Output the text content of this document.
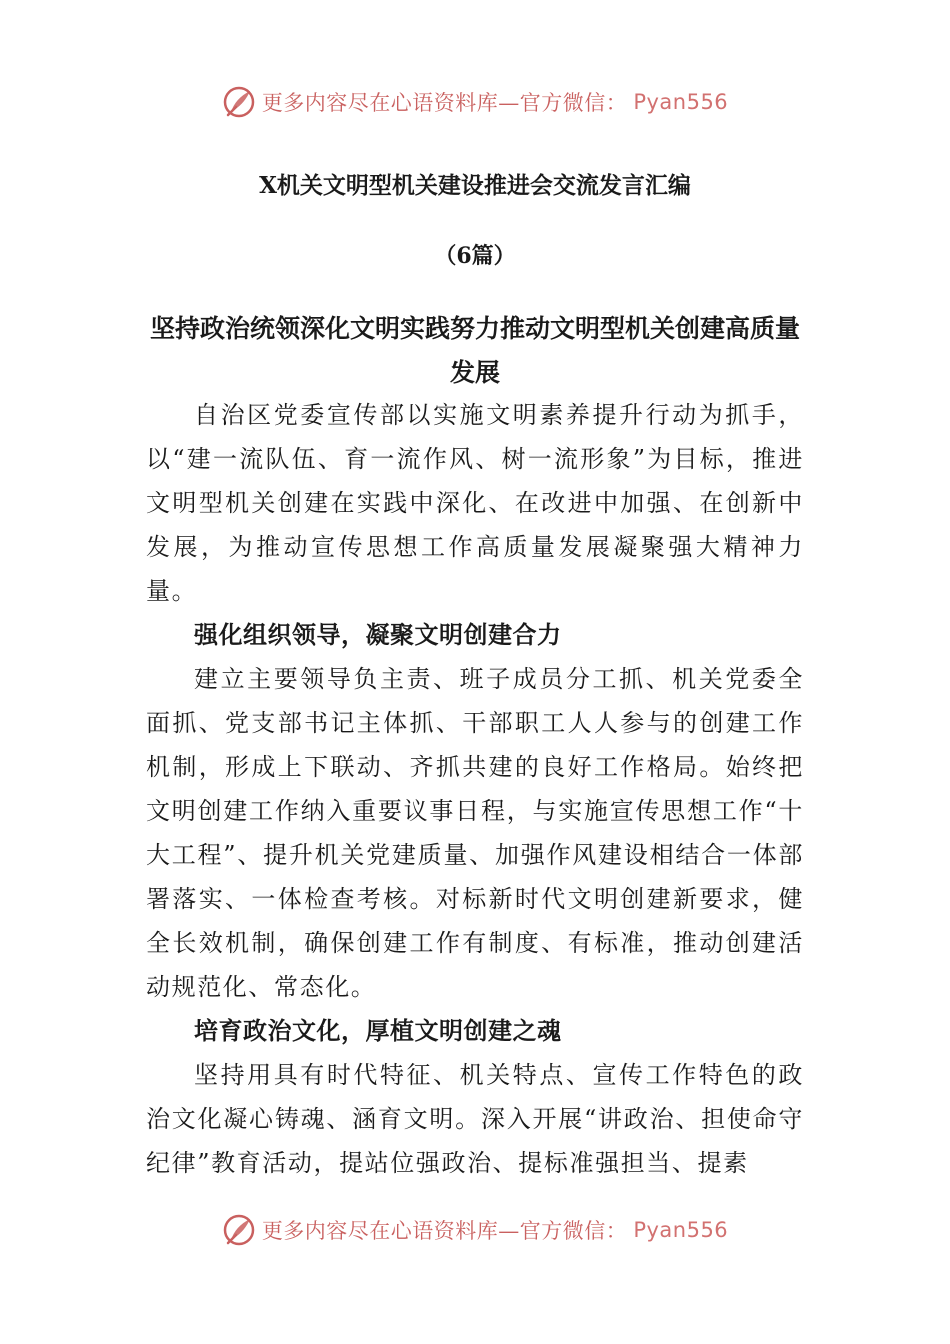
更多内容尽在心语资料库—官方微信： Pyan556
X机关文明型机关建设推进会交流发言汇编
（6篇）
坚持政治统领深化文明实践努力推动文明型机关创建高质量发展

自治区党委宣传部以实施文明素养提升行动为抓手，以“建一流队伍、育一流作风、树一流形象”为目标，推进文明型机关创建在实践中深化、在改进中加强、在创新中发展，为推动宣传思想工作高质量发展凝聚强大精神力量。

强化组织领导，凝聚文明创建合力

建立主要领导负主责、班子成员分工抓、机关党委全面抓、党支部书记主体抓、干部职工人人参与的创建工作机制，形成上下联动、齐抓共建的良好工作格局。始终把文明创建工作纳入重要议事日程，与实施宣传思想工作“十大工程”、提升机关党建质量、加强作风建设相结合一体部署落实、一体检查考核。对标新时代文明创建新要求，健全长效机制，确保创建工作有制度、有标准，推动创建活动规范化、常态化。

培育政治文化，厚植文明创建之魂

坚持用具有时代特征、机关特点、宣传工作特色的政治文化凝心铸魂、涵育文明。深入开展“讲政治、担使命守纪律”教育活动，提站位强政治、提标准强担当、提素

更多内容尽在心语资料库—官方微信： Pyan556
